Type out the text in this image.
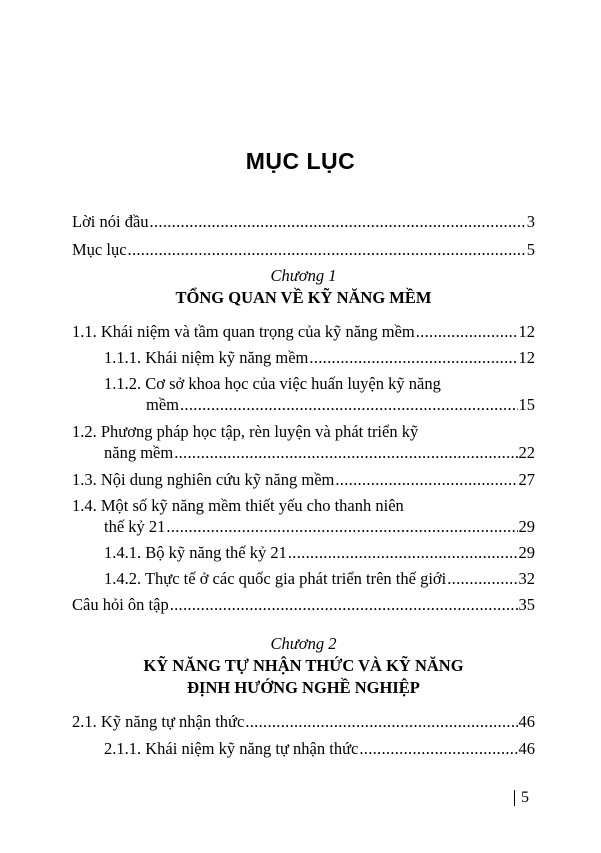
MỤC LỤC
Lời nói đầu .....	3
Mục lục .....	5
Chương 1
TỔNG QUAN VỀ KỸ NĂNG MỀM
1.1. Khái niệm và tầm quan trọng của kỹ năng mềm .....	12
1.1.1. Khái niệm kỹ năng mềm .....	12
1.1.2. Cơ sở khoa học của việc huấn luyện kỹ năng
mềm .....	15
1.2. Phương pháp học tập, rèn luyện và phát triển kỹ
năng mềm .....	22
1.3. Nội dung nghiên cứu kỹ năng mềm .....	27
1.4. Một số kỹ năng mềm thiết yếu cho thanh niên
thế kỷ 21 .....	29
1.4.1. Bộ kỹ năng thế kỷ 21 .....	29
1.4.2. Thực tế ở các quốc gia phát triển trên thế giới .....	32
Câu hỏi ôn tập .....	35
Chương 2
KỸ NĂNG TỰ NHẬN THỨC VÀ KỸ NĂNG
ĐỊNH HƯỚNG NGHỀ NGHIỆP
2.1. Kỹ năng tự nhận thức .....	46
2.1.1. Khái niệm kỹ năng tự nhận thức .....	46
5
